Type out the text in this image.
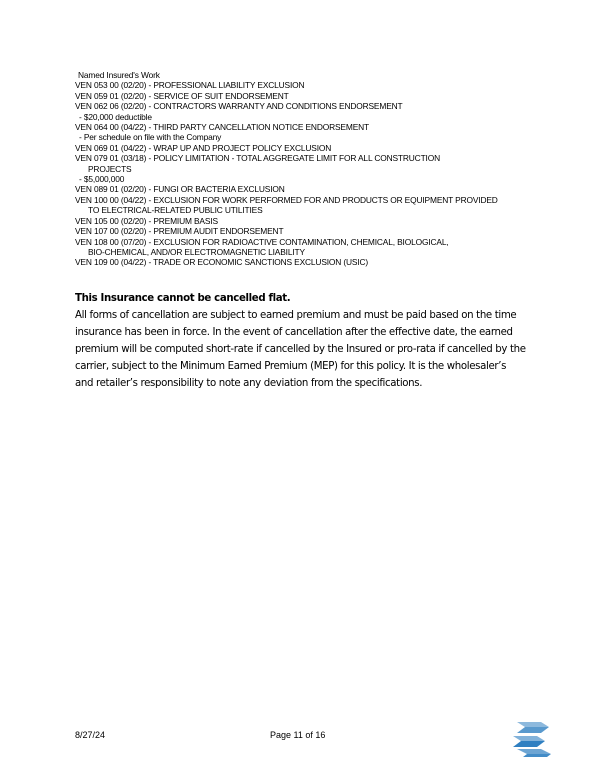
Named Insured's Work
VEN 053 00 (02/20) - PROFESSIONAL LIABILITY EXCLUSION
VEN 059 01 (02/20) - SERVICE OF SUIT ENDORSEMENT
VEN 062 06 (02/20) - CONTRACTORS WARRANTY AND CONDITIONS ENDORSEMENT
- $20,000 deductible
VEN 064 00 (04/22) - THIRD PARTY CANCELLATION NOTICE ENDORSEMENT
- Per schedule on file with the Company
VEN 069 01 (04/22) - WRAP UP AND PROJECT POLICY EXCLUSION
VEN 079 01 (03/18) - POLICY LIMITATION - TOTAL AGGREGATE LIMIT FOR ALL CONSTRUCTION
PROJECTS
- $5,000,000
VEN 089 01 (02/20) - FUNGI OR BACTERIA EXCLUSION
VEN 100 00 (04/22) - EXCLUSION FOR WORK PERFORMED FOR AND PRODUCTS OR EQUIPMENT PROVIDED
TO ELECTRICAL-RELATED PUBLIC UTILITIES
VEN 105 00 (02/20) - PREMIUM BASIS
VEN 107 00 (02/20) - PREMIUM AUDIT ENDORSEMENT
VEN 108 00 (07/20) - EXCLUSION FOR RADIOACTIVE CONTAMINATION, CHEMICAL, BIOLOGICAL,
BIO-CHEMICAL, AND/OR ELECTROMAGNETIC LIABILITY
VEN 109 00 (04/22) - TRADE OR ECONOMIC SANCTIONS EXCLUSION (USIC)
This Insurance cannot be cancelled flat.
All forms of cancellation are subject to earned premium and must be paid based on the time
insurance has been in force. In the event of cancellation after the effective date, the earned
premium will be computed short-rate if cancelled by the Insured or pro-rata if cancelled by the
carrier, subject to the Minimum Earned Premium (MEP) for this policy. It is the wholesaler’s
and retailer’s responsibility to note any deviation from the specifications.
8/27/24	Page 11 of 16
